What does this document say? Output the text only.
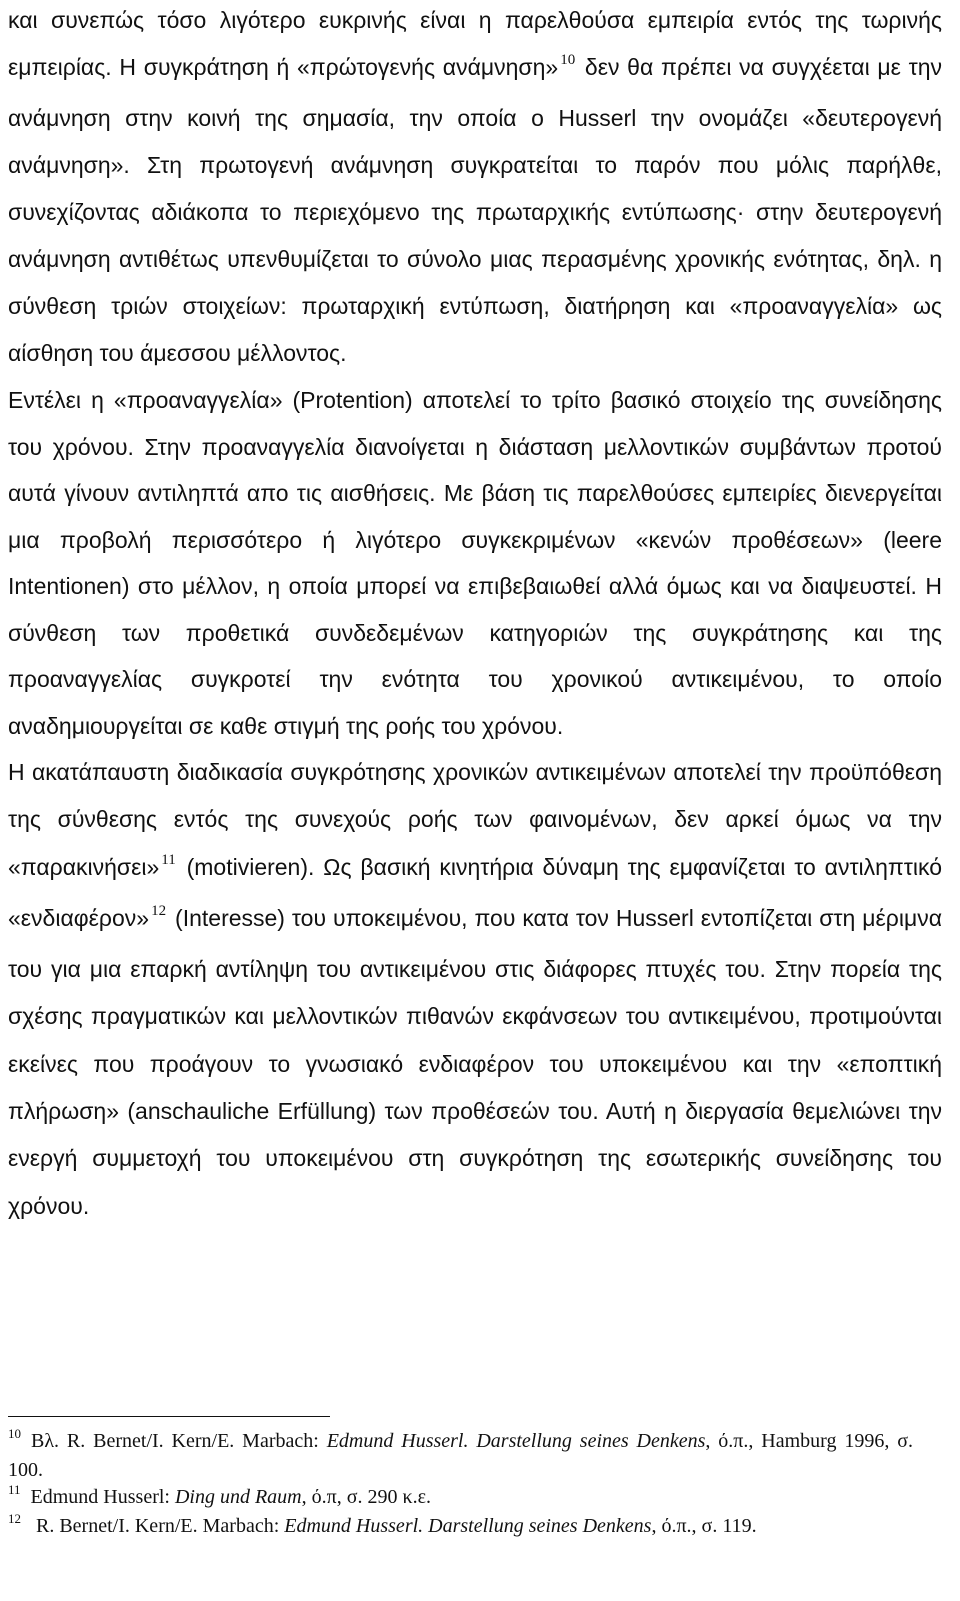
και συνεπώς τόσο λιγότερο ευκρινής είναι η παρελθούσα εμπειρία εντός της τωρινής εμπειρίας. Η συγκράτηση ή «πρώτογενής ανάμνηση» $^{10}$ δεν θα πρέπει να συγχέεται με την ανάμνηση στην κοινή της σημασία, την οποία ο Husserl την ονομάζει «δευτερογενή ανάμνηση». Στη πρωτογενή ανάμνηση συγκρατείται το παρόν που μόλις παρήλθε, συνεχίζοντας αδιάκοπα το περιεχόμενο της πρωταρχικής εντύπωσης· στην δευτερογενή ανάμνηση αντιθέτως υπενθυμίζεται το σύνολο μιας περασμένης χρονικής ενότητας, δηλ. η σύνθεση τριών στοιχείων: πρωταρχική εντύπωση, διατήρηση και «προαναγγελία» ως αίσθηση του άμεσσου μέλλοντος.

Εντέλει η «προαναγγελία» (Protention) αποτελεί το τρίτο βασικό στοιχείο της συνείδησης του χρόνου. Στην προαναγγελία διανοίγεται η διάσταση μελλοντικών συμβάντων προτού αυτά γίνουν αντιληπτά απο τις αισθήσεις. Με βάση τις παρελθούσες εμπειρίες διενεργείται μια προβολή περισσότερο ή λιγότερο συγκεκριμένων «κενών προθέσεων» (leere Intentionen) στο μέλλον, η οποία μπορεί να επιβεβαιωθεί αλλά όμως και να διαψευστεί. Η σύνθεση των προθετικά συνδεδεμένων κατηγοριών της συγκράτησης και της προαναγγελίας συγκροτεί την ενότητα του χρονικού αντικειμένου, το οποίο αναδημιουργείται σε καθε στιγμή της ροής του χρόνου.

Η ακατάπαυστη διαδικασία συγκρότησης χρονικών αντικειμένων αποτελεί την προϋπόθεση της σύνθεσης εντός της συνεχούς ροής των φαινομένων, δεν αρκεί όμως να την «παρακινήσει» $^{11}$ (motivieren). Ως βασική κινητήρια δύναμη της εμφανίζεται το αντιληπτικό «ενδιαφέρον» $^{12}$ (Interesse) του υποκειμένου, που κατα τον Husserl εντοπίζεται στη μέριμνα του για μια επαρκή αντίληψη του αντικειμένου στις διάφορες πτυχές του. Στην πορεία της σχέσης πραγματικών και μελλοντικών πιθανών εκφάνσεων του αντικειμένου, προτιμούνται εκείνες που προάγουν το γνωσιακό ενδιαφέρον του υποκειμένου και την «εποπτική πλήρωση» (anschauliche Erfüllung) των προθέσεών του. Αυτή η διεργασία θεμελιώνει την ενεργή συμμετοχή του υποκειμένου στη συγκρότηση της εσωτερικής συνείδησης του χρόνου.

$^{10}$ Βλ. R. Bernet/I. Kern/E. Marbach: Edmund Husserl. Darstellung seines Denkens, ό.π., Hamburg 1996, σ. 100.

$^{11}$ Edmund Husserl: Ding und Raum, ό.π, σ. 290 κ.ε.

$^{12}$ R. Bernet/I. Kern/E. Marbach: Edmund Husserl. Darstellung seines Denkens, ό.π., σ. 119.
